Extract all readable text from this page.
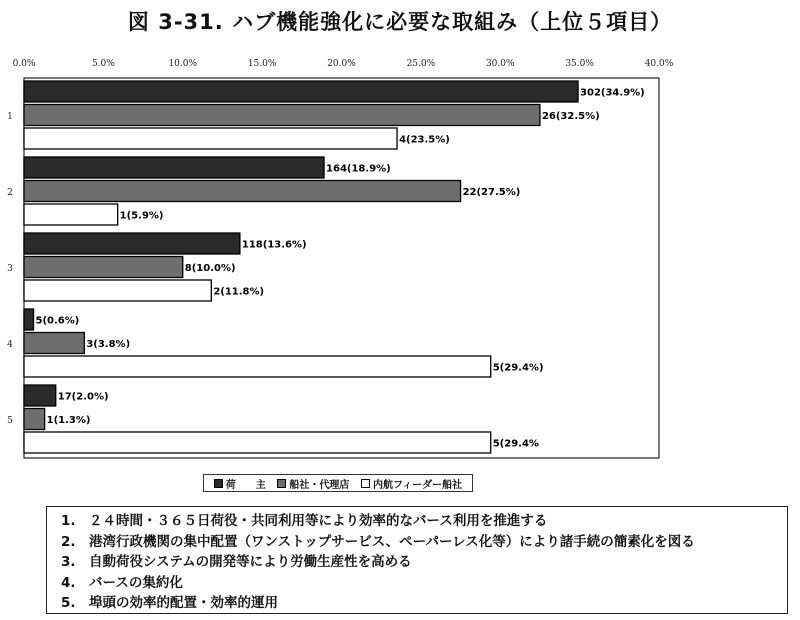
図 3-31. ハブ機能強化に必要な取組み（上位５項目）
0.0%	5.0%	10.0%	15.0%	20.0%	25.0%	30.0%	35.0%	40.0%
1
302(34.9%)
26(32.5%)
4(23.5%)
2
164(18.9%)
22(27.5%)
1(5.9%)
3
118(13.6%)
8(10.0%)
2(11.8%)
4
5(0.6%)
3(3.8%)
5(29.4%)
5
17(2.0%)
1(1.3%)
5(29.4%
荷　　主 船社・代理店 内航フィーダー船社
1.　２４時間・３６５日荷役・共同利用等により効率的なバース利用を推進する
2.　港湾行政機関の集中配置（ワンストップサービス、ペーパーレス化等）により諸手続の簡素化を図る
3.　自動荷役システムの開発等により労働生産性を高める
4.　バースの集約化
5.　埠頭の効率的配置・効率的運用
